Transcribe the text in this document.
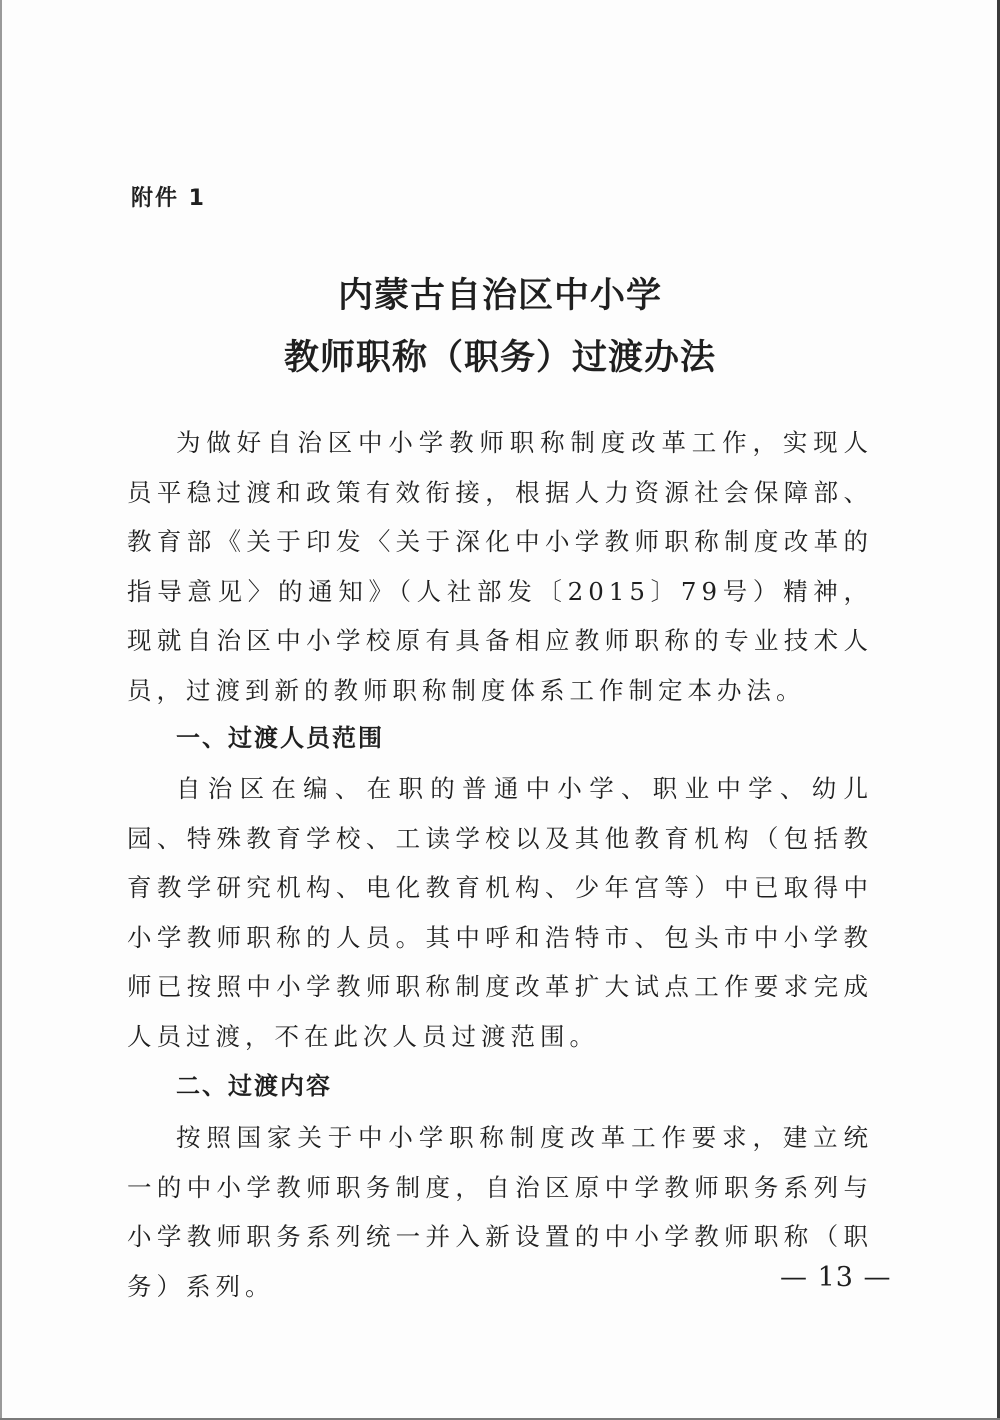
附件 1
内蒙古自治区中小学
教师职称（职务）过渡办法

为做好自治区中小学教师职称制度改革工作，实现人员平稳过渡和政策有效衔接，根据人力资源社会保障部、教育部《关于印发〈关于深化中小学教师职称制度改革的指导意见〉的通知》（人社部发〔2015〕79号）精神，现就自治区中小学校原有具备相应教师职称的专业技术人员，过渡到新的教师职称制度体系工作制定本办法。

一、过渡人员范围

自治区在编、在职的普通中小学、职业中学、幼儿园、特殊教育学校、工读学校以及其他教育机构（包括教育教学研究机构、电化教育机构、少年宫等）中已取得中小学教师职称的人员。其中呼和浩特市、包头市中小学教师已按照中小学教师职称制度改革扩大试点工作要求完成人员过渡，不在此次人员过渡范围。

二、过渡内容

按照国家关于中小学职称制度改革工作要求，建立统一的中小学教师职务制度，自治区原中学教师职务系列与小学教师职务系列统一并入新设置的中小学教师职称（职务）系列。	— 13 —
